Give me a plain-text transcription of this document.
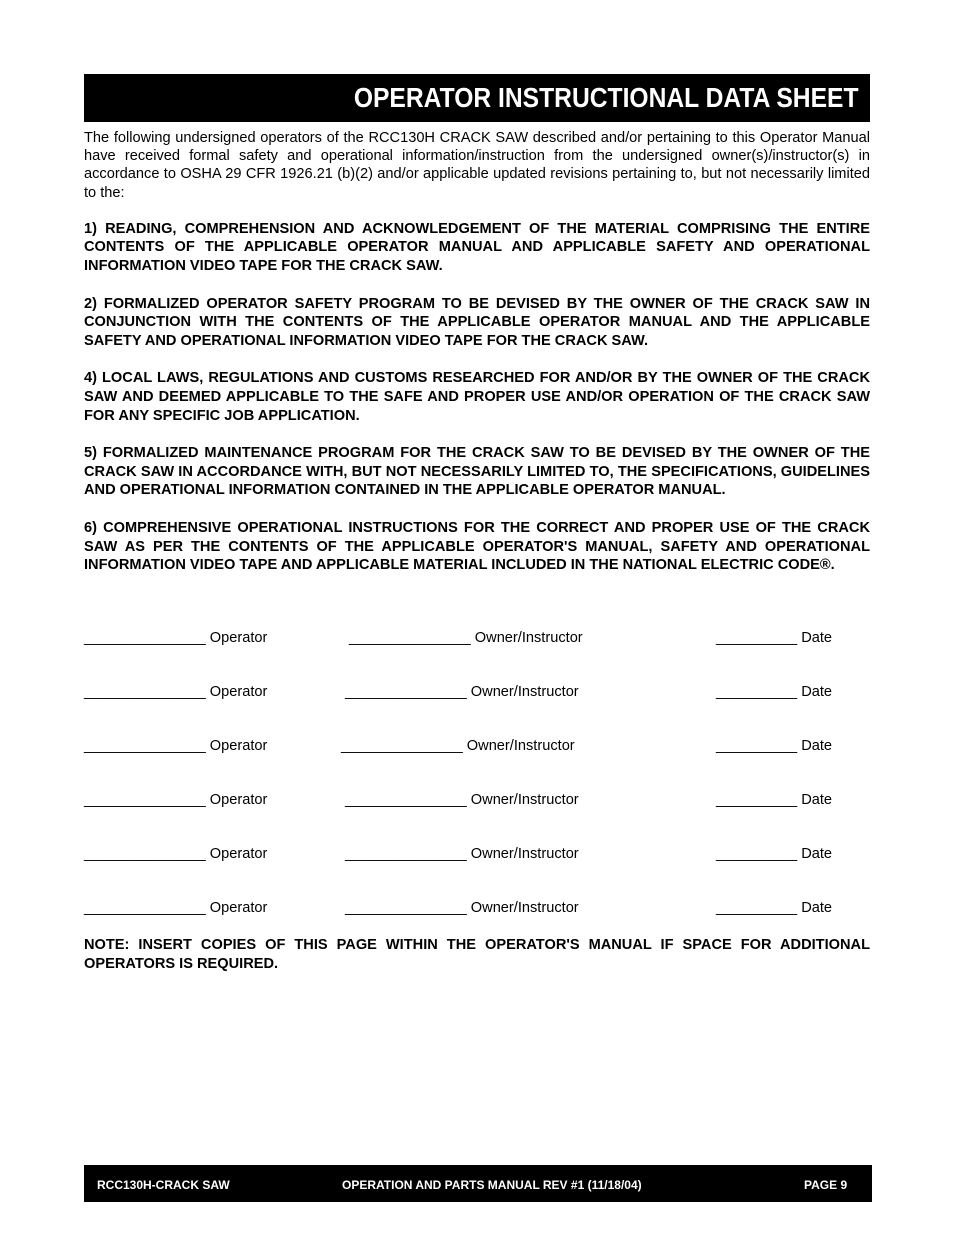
OPERATOR INSTRUCTIONAL DATA SHEET

The following undersigned operators of the RCC130H CRACK SAW described and/or pertaining to this Operator Manual have received formal safety and operational information/instruction from the undersigned owner(s)/instructor(s) in accordance to OSHA 29 CFR 1926.21 (b)(2) and/or applicable updated revisions pertaining to, but not necessarily limited to the:

1) READING, COMPREHENSION AND ACKNOWLEDGEMENT OF THE MATERIAL COMPRISING THE ENTIRE CONTENTS OF THE APPLICABLE OPERATOR MANUAL AND APPLICABLE SAFETY AND OPERATIONAL INFORMATION VIDEO TAPE FOR THE CRACK SAW.

2) FORMALIZED OPERATOR SAFETY PROGRAM TO BE DEVISED BY THE OWNER OF THE CRACK SAW IN CONJUNCTION WITH THE CONTENTS OF THE APPLICABLE OPERATOR MANUAL AND THE APPLICABLE SAFETY AND OPERATIONAL INFORMATION VIDEO TAPE FOR THE CRACK SAW.

4) LOCAL LAWS, REGULATIONS AND CUSTOMS RESEARCHED FOR AND/OR BY THE OWNER OF THE CRACK SAW AND DEEMED APPLICABLE TO THE SAFE AND PROPER USE AND/OR OPERATION OF THE CRACK SAW FOR ANY SPECIFIC JOB APPLICATION.

5) FORMALIZED MAINTENANCE PROGRAM FOR THE CRACK SAW TO BE DEVISED BY THE OWNER OF THE CRACK SAW IN ACCORDANCE WITH, BUT NOT NECESSARILY LIMITED TO, THE SPECIFICATIONS, GUIDELINES AND OPERATIONAL INFORMATION CONTAINED IN THE APPLICABLE OPERATOR MANUAL.

6) COMPREHENSIVE OPERATIONAL INSTRUCTIONS FOR THE CORRECT AND PROPER USE OF THE CRACK SAW AS PER THE CONTENTS OF THE APPLICABLE OPERATOR'S MANUAL, SAFETY AND OPERATIONAL INFORMATION VIDEO TAPE AND APPLICABLE MATERIAL INCLUDED IN THE NATIONAL ELECTRIC CODE®.

_______________ Operator	_______________ Owner/Instructor	__________ Date
_______________ Operator	_______________ Owner/Instructor	__________ Date
_______________ Operator	_______________ Owner/Instructor	__________ Date
_______________ Operator	_______________ Owner/Instructor	__________ Date
_______________ Operator	_______________ Owner/Instructor	__________ Date
_______________ Operator	_______________ Owner/Instructor	__________ Date

NOTE: INSERT COPIES OF THIS PAGE WITHIN THE OPERATOR'S MANUAL IF SPACE FOR ADDITIONAL OPERATORS IS REQUIRED.

RCC130H-CRACK SAW	OPERATION AND PARTS MANUAL REV #1 (11/18/04)	PAGE 9
